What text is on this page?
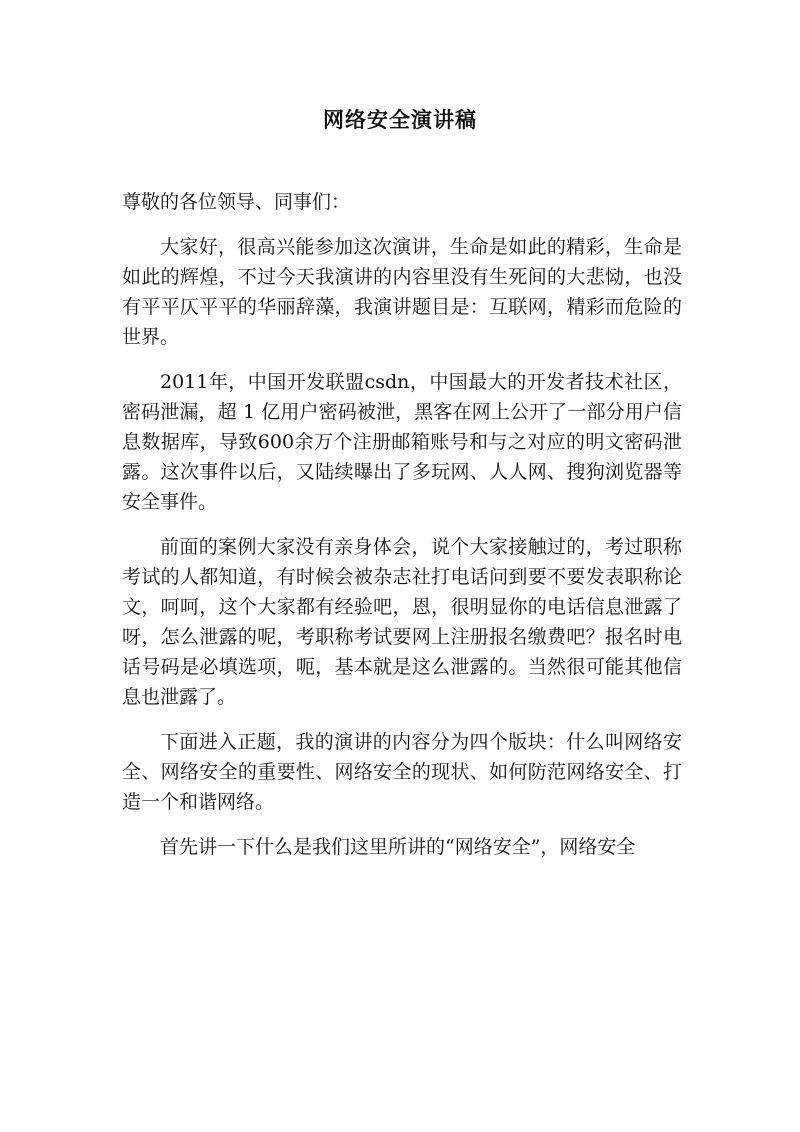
网络安全演讲稿

尊敬的各位领导、同事们：

大家好，很高兴能参加这次演讲，生命是如此的精彩，生命是如此的辉煌，不过今天我演讲的内容里没有生死间的大悲恸，也没有平平仄平平的华丽辞藻，我演讲题目是：互联网，精彩而危险的世界。

2011年，中国开发联盟csdn，中国最大的开发者技术社区，密码泄漏，超 1 亿用户密码被泄，黑客在网上公开了一部分用户信息数据库，导致600余万个注册邮箱账号和与之对应的明文密码泄露。这次事件以后，又陆续曝出了多玩网、人人网、搜狗浏览器等安全事件。

前面的案例大家没有亲身体会，说个大家接触过的，考过职称考试的人都知道，有时候会被杂志社打电话问到要不要发表职称论文，呵呵，这个大家都有经验吧，恩，很明显你的电话信息泄露了呀，怎么泄露的呢，考职称考试要网上注册报名缴费吧？报名时电话号码是必填选项，呃，基本就是这么泄露的。当然很可能其他信息也泄露了。

下面进入正题，我的演讲的内容分为四个版块：什么叫网络安全、网络安全的重要性、网络安全的现状、如何防范网络安全、打造一个和谐网络。

首先讲一下什么是我们这里所讲的“网络安全”，网络安全
